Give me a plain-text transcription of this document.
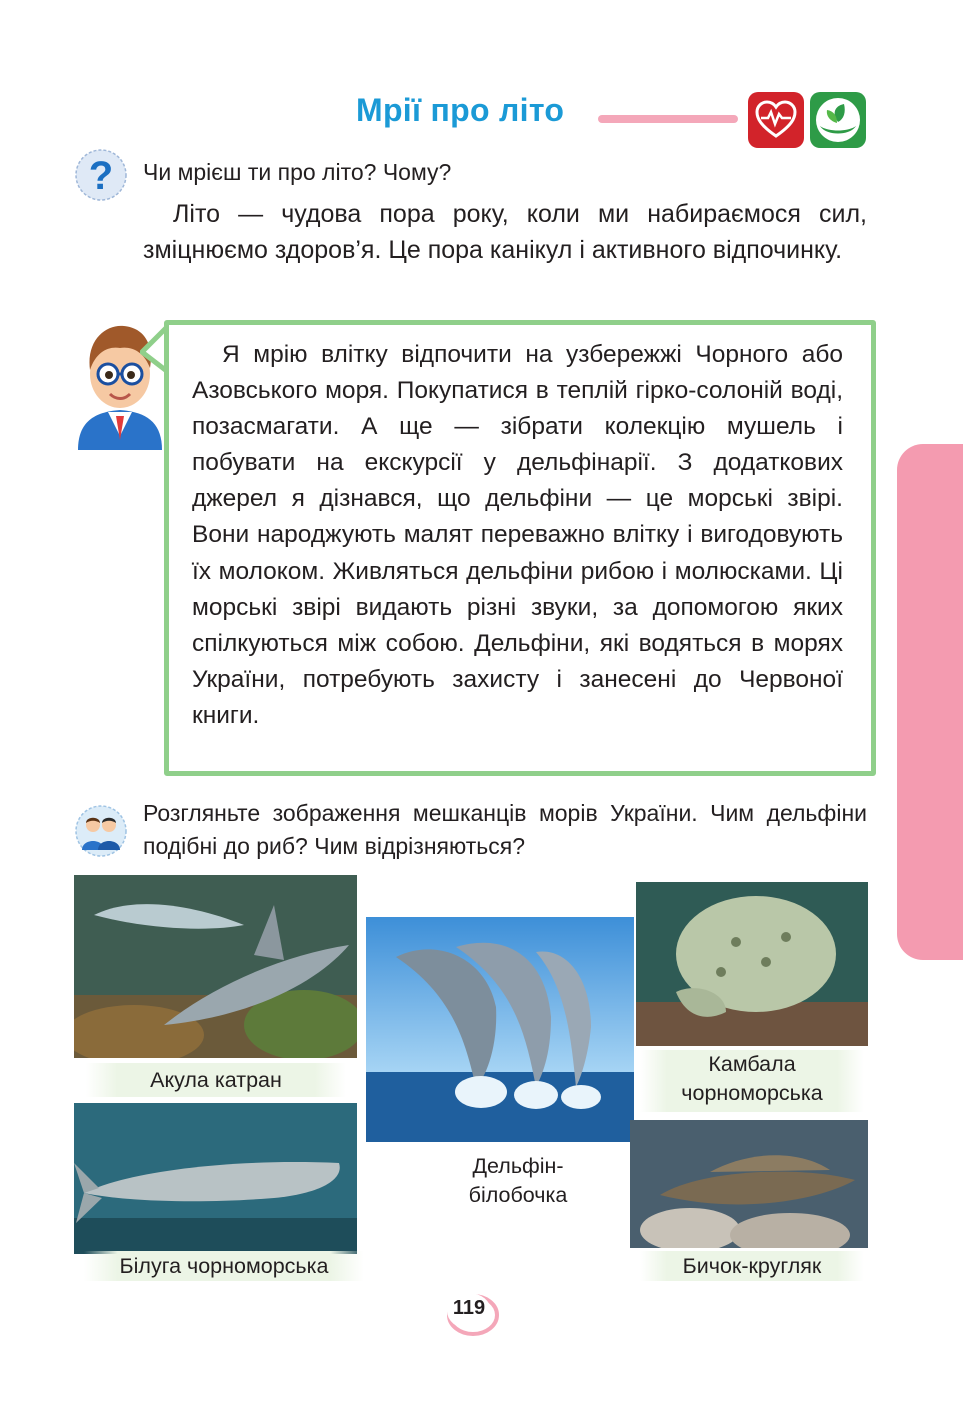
Мрії про літо
? Чи мрієш ти про літо? Чому?
Літо — чудова пора року, коли ми набираємося сил, зміцнюємо здоров’я. Це пора канікул і активного відпочинку.
Я мрію влітку відпочити на узбережжі Чорного або Азовського моря. Покупатися в теплій гірко-солоній воді, позасмагати. А ще — зібрати колекцію мушель і побувати на екскурсії у дельфінарії. З додаткових джерел я дізнався, що дельфіни — це морські звірі. Вони народжують малят переважно влітку і вигодовують їх молоком. Живляться дельфіни рибою і молюсками. Ці морські звірі видають різні звуки, за допомогою яких спілкуються між собою. Дельфіни, які водяться в морях України, потребують захисту і занесені до Червоної книги.
Розгляньте зображення мешканців морів України. Чим дельфіни подібні до риб? Чим відрізняються?
Акула катран
Камбала
чорноморська
Дельфін-
білобочка
Білуга чорноморська	Бичок-кругляк
119
